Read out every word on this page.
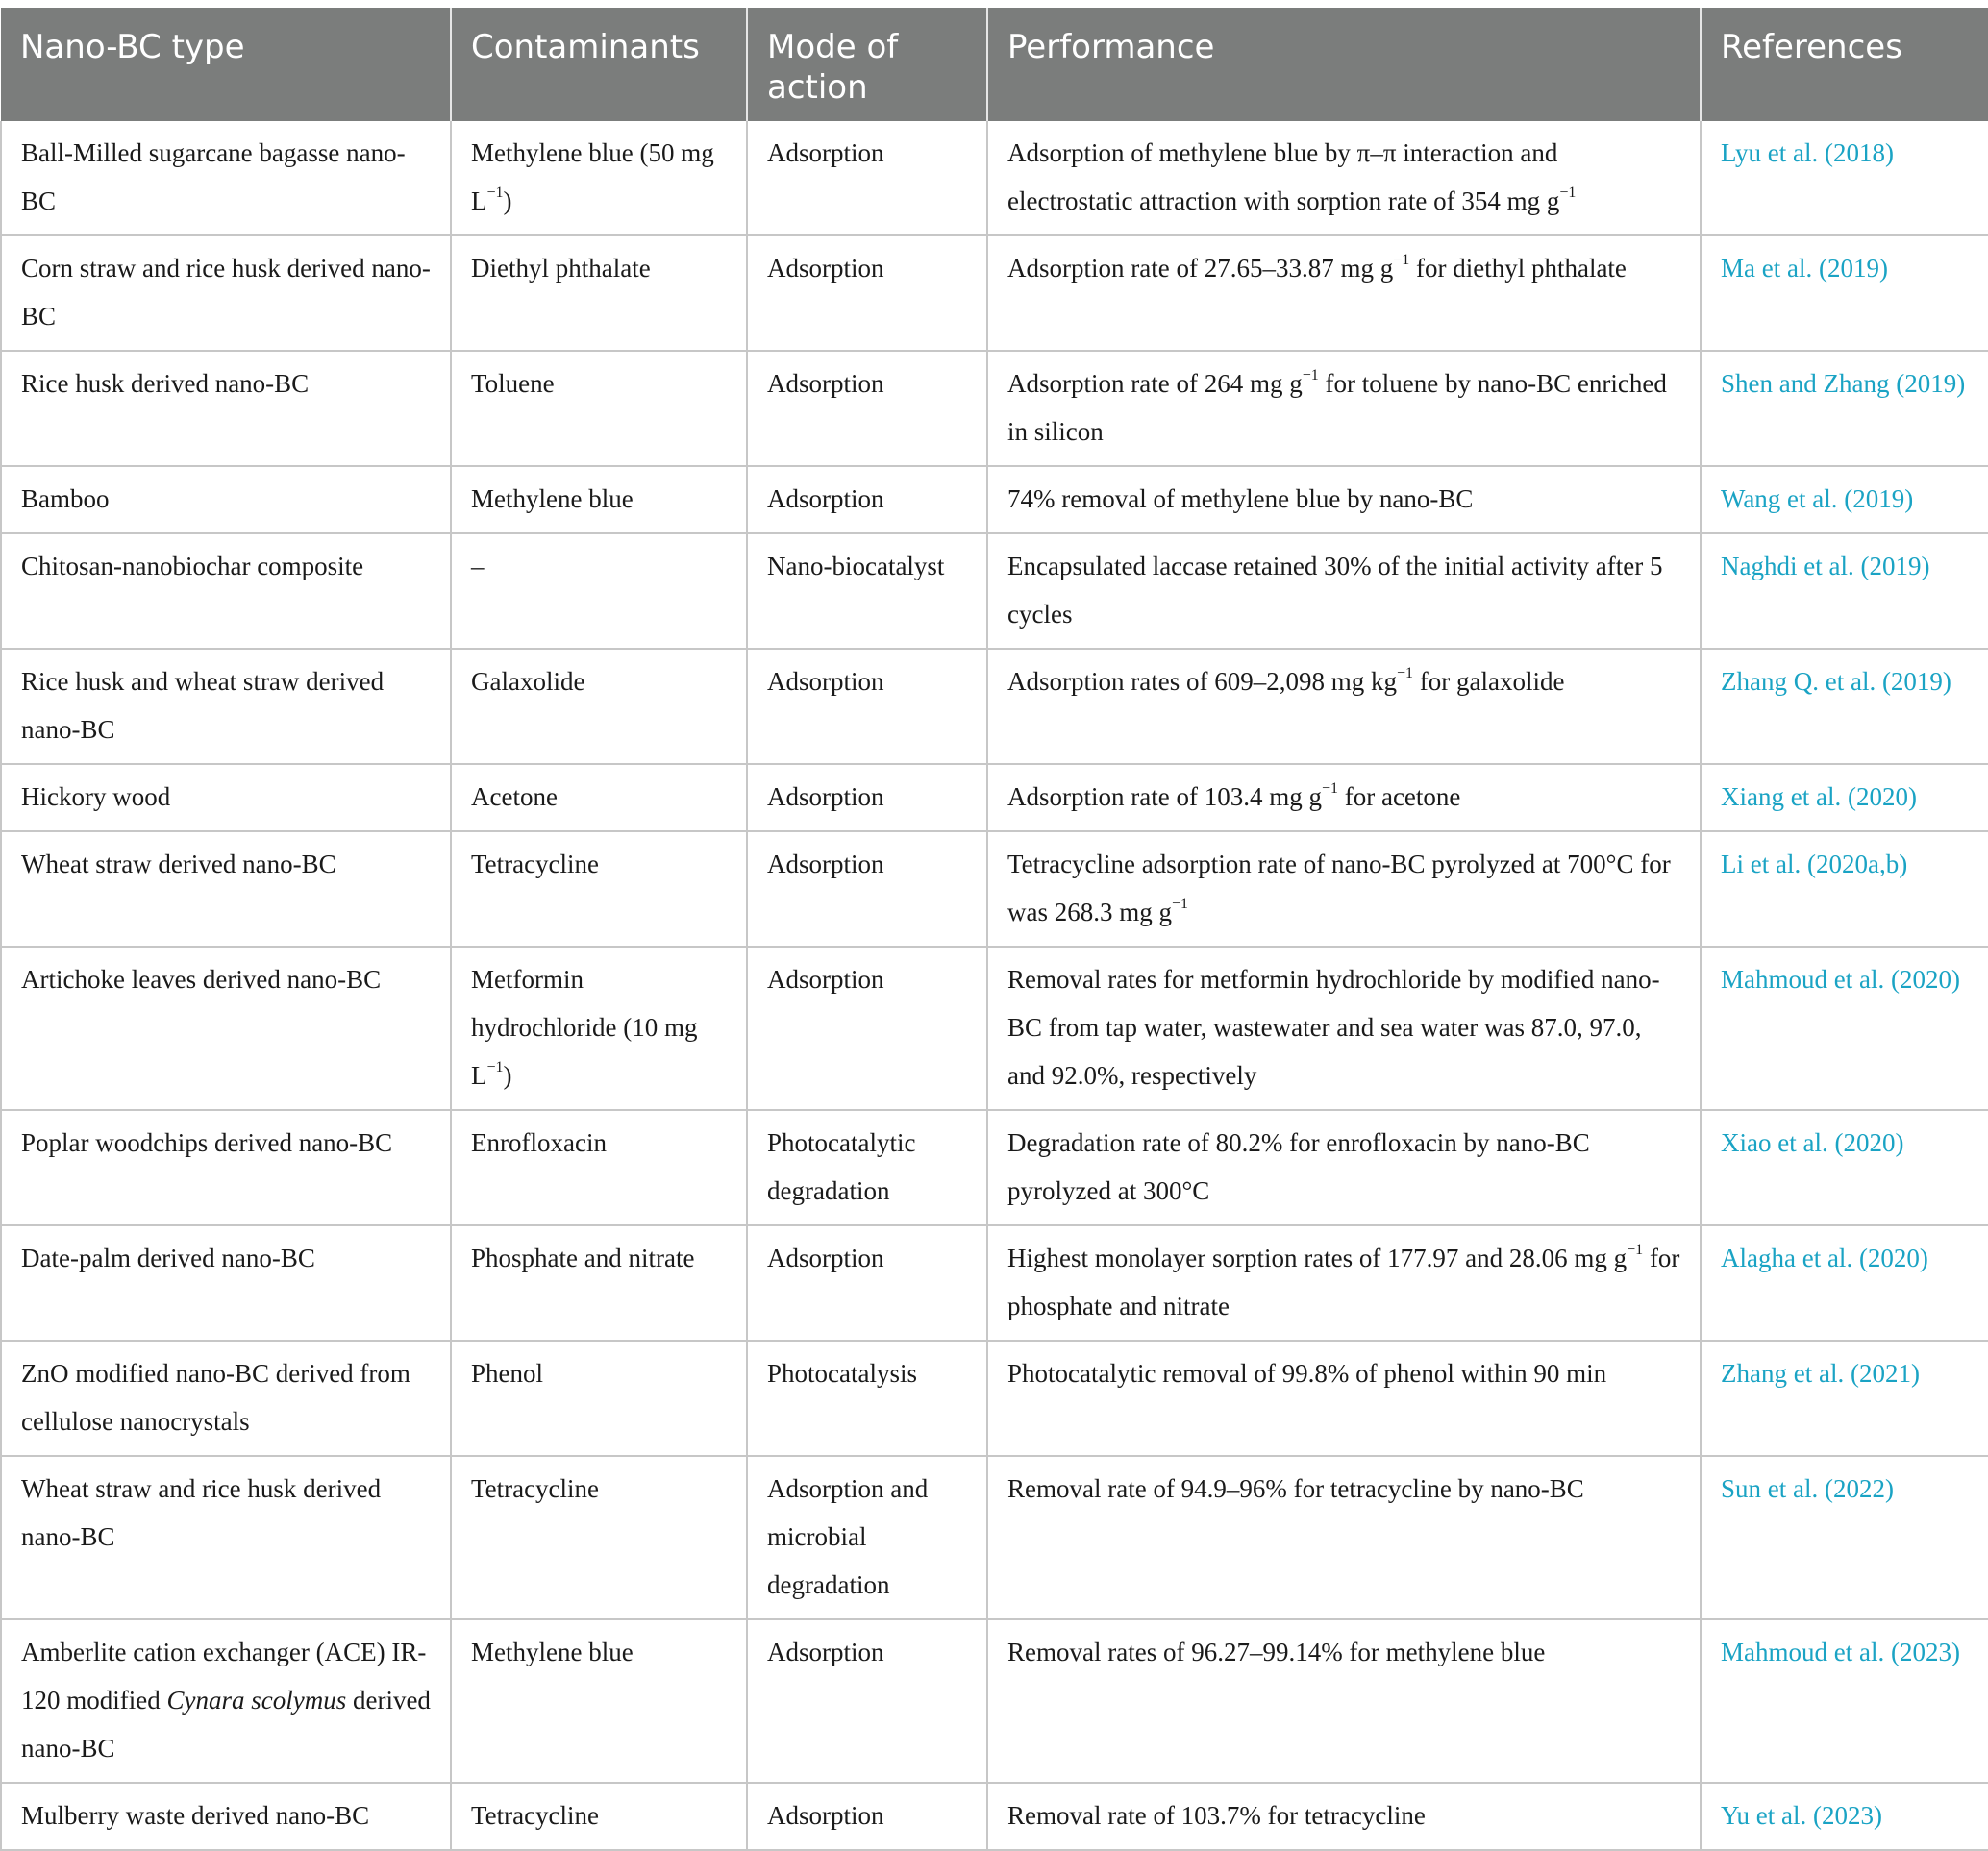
Nano-BC type	Contaminants	Mode of action	Performance	References
Ball-Milled sugarcane bagasse nano-BC	Methylene blue (50 mg $L^{-1}$)	Adsorption	Adsorption of methylene blue by π–π interaction and electrostatic attraction with sorption rate of 354 mg $g^{-1}$	Lyu et al. (2018)
Corn straw and rice husk derived nano-BC	Diethyl phthalate	Adsorption	Adsorption rate of 27.65–33.87 mg $g^{-1}$ for diethyl phthalate	Ma et al. (2019)
Rice husk derived nano-BC	Toluene	Adsorption	Adsorption rate of 264 mg $g^{-1}$ for toluene by nano-BC enriched in silicon	Shen and Zhang (2019)
Bamboo	Methylene blue	Adsorption	74% removal of methylene blue by nano-BC	Wang et al. (2019)
Chitosan-nanobiochar composite	–	Nano-biocatalyst	Encapsulated laccase retained 30% of the initial activity after 5 cycles	Naghdi et al. (2019)
Rice husk and wheat straw derived nano-BC	Galaxolide	Adsorption	Adsorption rates of 609–2,098 mg $kg^{-1}$ for galaxolide	Zhang Q. et al. (2019)
Hickory wood	Acetone	Adsorption	Adsorption rate of 103.4 mg $g^{-1}$ for acetone	Xiang et al. (2020)
Wheat straw derived nano-BC	Tetracycline	Adsorption	Tetracycline adsorption rate of nano-BC pyrolyzed at 700°C for was 268.3 mg $g^{-1}$	Li et al. (2020a,b)
Artichoke leaves derived nano-BC	Metformin hydrochloride (10 mg $L^{-1}$)	Adsorption	Removal rates for metformin hydrochloride by modified nano-BC from tap water, wastewater and sea water was 87.0, 97.0, and 92.0%, respectively	Mahmoud et al. (2020)
Poplar woodchips derived nano-BC	Enrofloxacin	Photocatalytic degradation	Degradation rate of 80.2% for enrofloxacin by nano-BC pyrolyzed at 300°C	Xiao et al. (2020)
Date-palm derived nano-BC	Phosphate and nitrate	Adsorption	Highest monolayer sorption rates of 177.97 and 28.06 mg $g^{-1}$ for phosphate and nitrate	Alagha et al. (2020)
ZnO modified nano-BC derived from cellulose nanocrystals	Phenol	Photocatalysis	Photocatalytic removal of 99.8% of phenol within 90 min	Zhang et al. (2021)
Wheat straw and rice husk derived nano-BC	Tetracycline	Adsorption and microbial degradation	Removal rate of 94.9–96% for tetracycline by nano-BC	Sun et al. (2022)
Amberlite cation exchanger (ACE) IR-120 modified Cynara scolymus derived nano-BC	Methylene blue	Adsorption	Removal rates of 96.27–99.14% for methylene blue	Mahmoud et al. (2023)
Mulberry waste derived nano-BC	Tetracycline	Adsorption	Removal rate of 103.7% for tetracycline	Yu et al. (2023)
